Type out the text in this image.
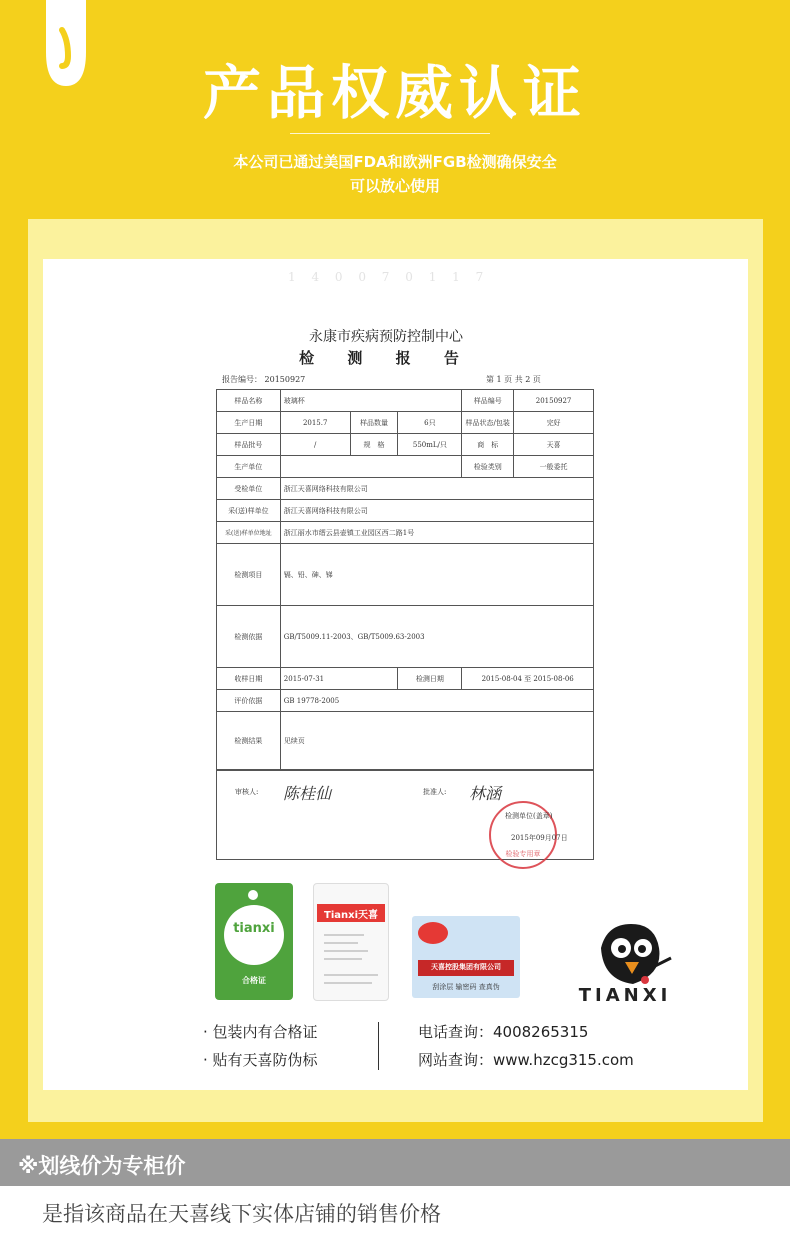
产品权威认证
本公司已通过美国FDA和欧洲FGB检测确保安全
可以放心使用
1 4 0 0 7 0 1 1 7
永康市疾病预防控制中心
检 测 报 告
报告编号： 20150927	第 1 页 共 2 页
样品名称	玻璃杯			样品编号	20150927
生产日期	2015.7	样品数量	6只	样品状态/包装	完好
样品批号	/	规　格	550mL/只	商　标	天喜
生产单位				检验类别	一般委托
受检单位	浙江天喜网络科技有限公司				
采(送)样单位	浙江天喜网络科技有限公司				
采(送)样单位地址	浙江丽水市缙云县壶镇工业园区西二路1号				
检测项目	镉、铅、砷、锑				
检测依据	GB/T5009.11-2003、GB/T5009.63-2003				
收样日期	2015-07-31		检测日期	2015-08-04 至 2015-08-06	
评价依据	GB 19778-2005				
检测结果	见续页				
审核人: 陈桂仙	批准人: 林涵
检验专用章
检测单位(盖章)
2015年09月07日
tianxi
合格证
Tianxi天喜
天喜控股集团有限公司
刮涂层 输密码 查真伪	TIANXI
· 包装内有合格证
· 贴有天喜防伪标
电话查询：4008265315
网站查询：www.hzcg315.com
※划线价为专柜价
是指该商品在天喜线下实体店铺的销售价格
